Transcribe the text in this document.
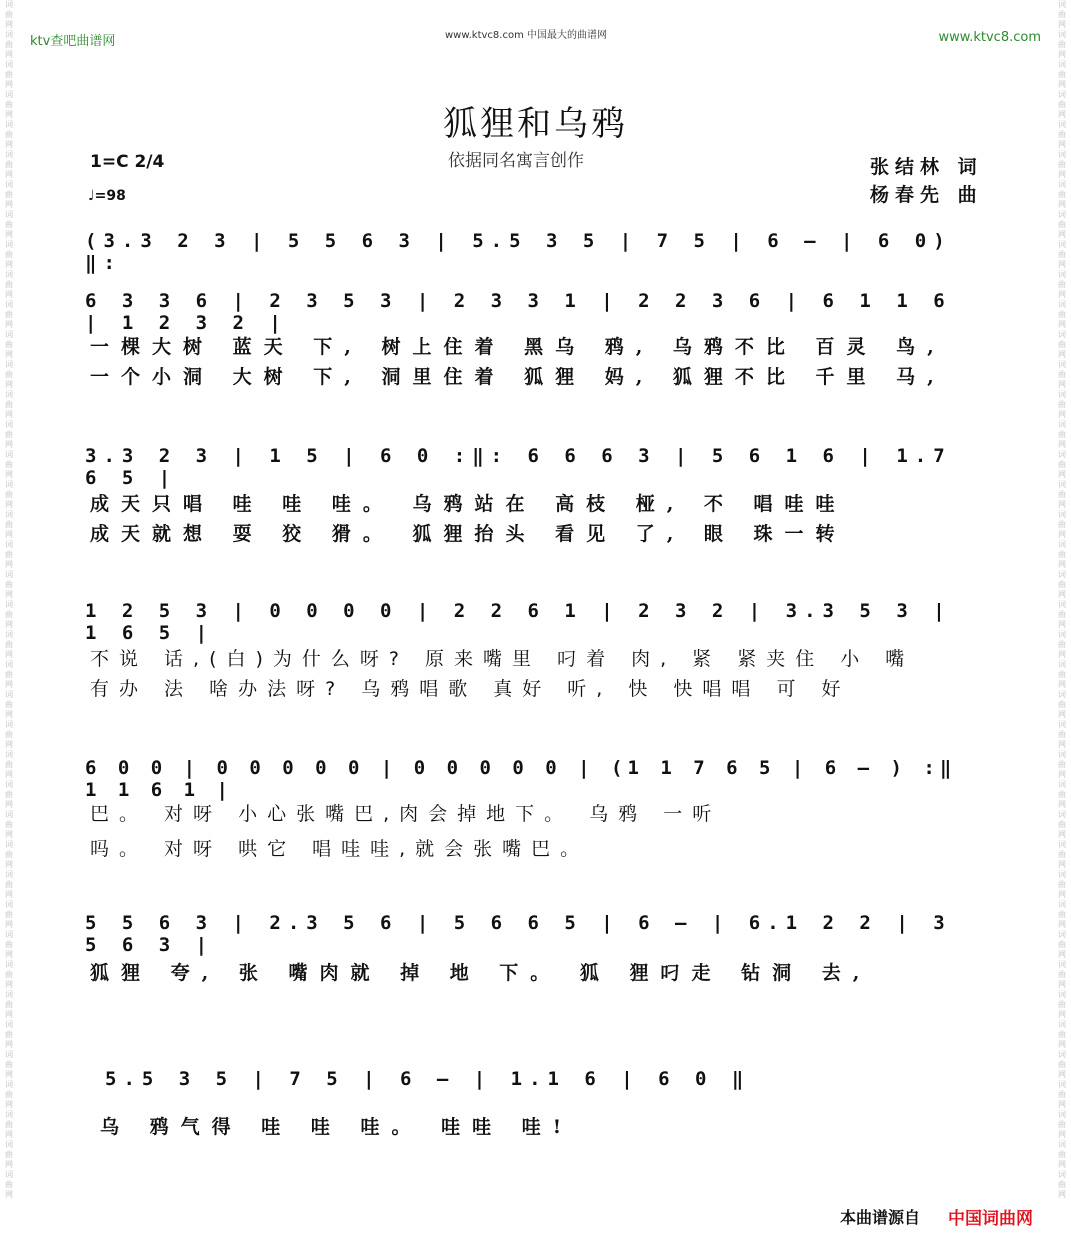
词
曲
网
词
曲
网
词
曲
网
词
曲
网
词
曲
网
词
曲
网
词
曲
网
词
曲
网
词
曲
网
词
曲
网
词
曲
网
词
曲
网
词
曲
网
词
曲
网
词
曲
网
词
曲
网
词
曲
网
词
曲
网
词
曲
网
词
曲
网
词
曲
网
词
曲
网
词
曲
网
词
曲
网
词
曲
网
词
曲
网
词
曲
网
词
曲
网
词
曲
网
词
曲
网
词
曲
网
词
曲
网
词
曲
网
词
曲
网
词
曲
网
词
曲
网
词
曲
网
词
曲
网
词
曲
网
词
曲
网
词
曲
网
词
曲
网
词
曲
网
词
曲
网
词
曲
网
词
曲
网
词
曲
网
词
曲
网
词
曲
网
词
曲
网
词
曲
网
词
曲
网
词
曲
网
词
曲
网
词
曲
网
词
曲
网
词
曲
网
词
曲
网
词
曲
网
词
曲
网
词
曲
网
词
曲
网
词
曲
网
词
曲
网
词
曲
网
词
曲
网
词
曲
网
词
曲
网
词
曲
网
词
曲
网
词
曲
网
词
曲
网
词
曲
网
词
曲
网
词
曲
网
词
曲
网
词
曲
网
词
曲
网
词
曲
网
词
曲
网
ktv查吧曲谱网	www.ktvc8.com 中国最大的曲谱网	www.ktvc8.com
狐狸和乌鸦
依据同名寓言创作
1=C 2/4
♩=98
张结林 词
杨春先 曲
(3.3 2 3 | 5 5 6 3 | 5.5 3 5 | 7 5 | 6 – | 6 0) ‖:
6 3 3 6 | 2 3 5 3 | 2 3 3 1 | 2 2 3 6 | 6 1 1 6 | 1 2 3 2 |
一棵大树 蓝天 下, 树上住着 黑乌 鸦, 乌鸦不比 百灵 鸟,
一个小洞 大树 下, 洞里住着 狐狸 妈, 狐狸不比 千里 马,
3.3 2 3 | 1 5 | 6 0 :‖: 6 6 6 3 | 5 6 1 6 | 1.7 6 5 |
成天只唱 哇 哇 哇。 乌鸦站在 高枝 桠, 不 唱哇哇
成天就想 耍 狡 猾。 狐狸抬头 看见 了, 眼 珠一转
1 2 5 3 | 0 0 0 0 | 2 2 6 1 | 2 3 2 | 3.3 5 3 | 1 6 5 |
不说 话,(白)为什么呀? 原来嘴里 叼着 肉, 紧 紧夹住 小 嘴
有办 法 啥办法呀? 乌鸦唱歌 真好 听, 快 快唱唱 可 好
6 0 0 | 0 0 0 0 0 | 0 0 0 0 0 | (1 1 7 6 5 | 6 – ) :‖ 1 1 6 1 |
巴。 对呀 小心张嘴巴,肉会掉地下。 乌鸦 一听
吗。 对呀 哄它 唱哇哇,就会张嘴巴。
5 5 6 3 | 2.3 5 6 | 5 6 6 5 | 6 – | 6.1 2 2 | 3 5 6 3 |
狐狸 夸, 张 嘴肉就 掉 地 下。 狐 狸叼走 钻洞 去,
5.5 3 5 | 7 5 | 6 – | 1.1 6 | 6 0 ‖
乌 鸦气得 哇 哇 哇。 哇哇 哇!
本曲谱源自 中国词曲网
